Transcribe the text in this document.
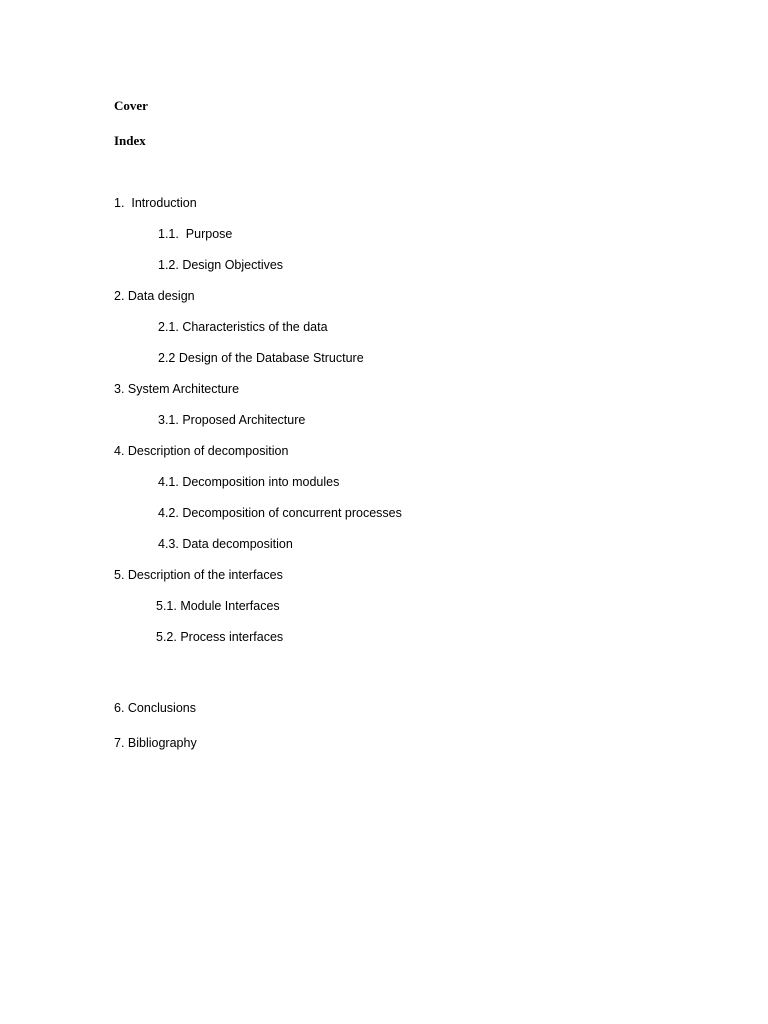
Cover
Index
1.  Introduction
1.1.  Purpose
1.2. Design Objectives
2. Data design
2.1. Characteristics of the data
2.2 Design of the Database Structure
3. System Architecture
3.1. Proposed Architecture
4. Description of decomposition
4.1. Decomposition into modules
4.2. Decomposition of concurrent processes
4.3. Data decomposition
5. Description of the interfaces
5.1. Module Interfaces
5.2. Process interfaces
6. Conclusions
7. Bibliography
